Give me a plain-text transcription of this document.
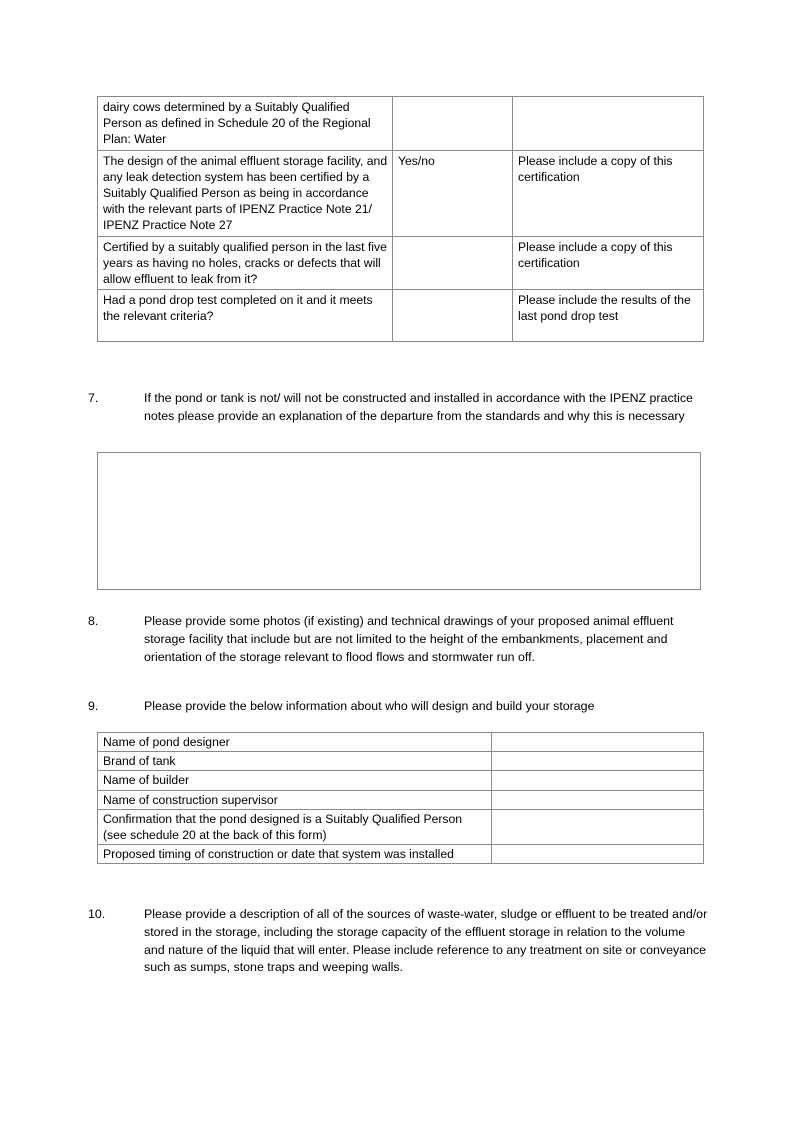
dairy cows determined by a Suitably Qualified Person as defined in Schedule 20 of the Regional Plan: Water		
The design of the animal effluent storage facility, and any leak detection system has been certified by a Suitably Qualified Person as being in accordance with the relevant parts of IPENZ Practice Note 21/ IPENZ Practice Note 27	Yes/no	Please include a copy of this certification
Certified by a suitably qualified person in the last five years as having no holes, cracks or defects that will allow effluent to leak from it?		Please include a copy of this certification
Had a pond drop test completed on it and it meets the relevant criteria?		Please include the results of the last pond drop test
7.	If the pond or tank is not/ will not be constructed and installed in accordance with the IPENZ practice notes please provide an explanation of the departure from the standards and why this is necessary
8.	Please provide some photos (if existing) and technical drawings of your proposed animal effluent storage facility that include but are not limited to the height of the embankments, placement and orientation of the storage relevant to flood flows and stormwater run off.
9.	Please provide the below information about who will design and build your storage
Name of pond designer	
Brand of tank	
Name of builder	
Name of construction supervisor	
Confirmation that the pond designed is a Suitably Qualified Person (see schedule 20 at the back of this form)	
Proposed timing of construction or date that system was installed	
10.	Please provide a description of all of the sources of waste-water, sludge or effluent to be treated and/or stored in the storage, including the storage capacity of the effluent storage in relation to the volume and nature of the liquid that will enter. Please include reference to any treatment on site or conveyance such as sumps, stone traps and weeping walls.
